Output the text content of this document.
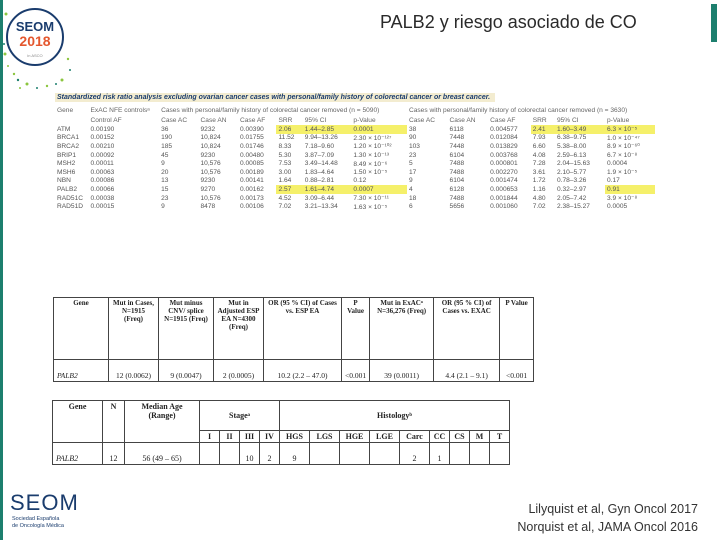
SEOM
2018
in ASCO
PALB2 y riesgo asociado de CO
Standardized risk ratio analysis excluding ovarian cancer cases with personal/family history of colorectal cancer or breast cancer.
Gene	ExAC NFE controlsᵃ	Cases with personal/family history of colorectal cancer removed (n = 5090)						Cases with personal/family history of colorectal cancer removed (n = 3630)					
	Control AF	Case AC	Case AN	Case AF	SRR	95% CI	p-Value	Case AC	Case AN	Case AF	SRR	95% CI	p-Value
ATM	0.00190	36	9232	0.00390	2.06	1.44–2.85	0.0001	38	6118	0.004577	2.41	1.60–3.49	6.3 × 10⁻⁵
BRCA1	0.00152	190	10,824	0.01755	11.52	9.94–13.26	2.30 × 10⁻¹²⁷	90	7448	0.012084	7.93	6.38–9.75	1.0 × 10⁻⁴⁷
BRCA2	0.00210	185	10,824	0.01746	8.33	7.18–9.60	1.20 × 10⁻¹⁰²	103	7448	0.013829	6.60	5.38–8.00	8.9 × 10⁻⁶⁰
BRIP1	0.00092	45	9230	0.00480	5.30	3.87–7.09	1.30 × 10⁻¹³	23	6104	0.003768	4.08	2.59–6.13	6.7 × 10⁻⁸
MSH2	0.00011	9	10,576	0.00085	7.53	3.49–14.48	8.49 × 10⁻⁶	5	7488	0.000801	7.28	2.04–15.63	0.0004
MSH6	0.00063	20	10,576	0.00189	3.00	1.83–4.64	1.50 × 10⁻⁵	17	7488	0.002270	3.61	2.10–5.77	1.9 × 10⁻⁵
NBN	0.00086	13	9230	0.00141	1.64	0.88–2.81	0.12	9	6104	0.001474	1.72	0.78–3.26	0.17
PALB2	0.00066	15	9270	0.00162	2.57	1.61–4.74	0.0007	4	6128	0.000653	1.16	0.32–2.97	0.91
RAD51C	0.00038	23	10,576	0.00173	4.52	3.09–6.44	7.30 × 10⁻¹¹	18	7488	0.001844	4.80	2.05–7.42	3.9 × 10⁻⁸
RAD51D	0.00015	9	8478	0.00106	7.02	3.21–13.34	1.63 × 10⁻⁵	6	5656	0.001060	7.02	2.38–15.27	0.0005
Gene	Mut in Cases, N=1915 (Freq)	Mut minus CNV/ splice N=1915 (Freq)	Mut in Adjusted ESP EA N=4300 (Freq)	OR (95 % CI) of Cases vs. ESP EA	P Value	Mut in ExACᵃ N=36,276 (Freq)	OR (95 % CI) of Cases vs. EXAC	P Value
PALB2	12 (0.0062)	9 (0.0047)	2 (0.0005)	10.2 (2.2 – 47.0)	<0.001	39 (0.0011)	4.4 (2.1 – 9.1)	<0.001
Gene	N	Median Age (Range)	Stageᵃ				Histologyᵇ								
			I	II	III	IV	HGS	LGS	HGE	LGE	Carc	CC	CS	M	T
PALB2	12	56 (49 – 65)			10	2	9				2	1			
SEOM
Sociedad Española
de Oncología Médica
Lilyquist et al, Gyn Oncol 2017
Norquist et al, JAMA Oncol 2016
